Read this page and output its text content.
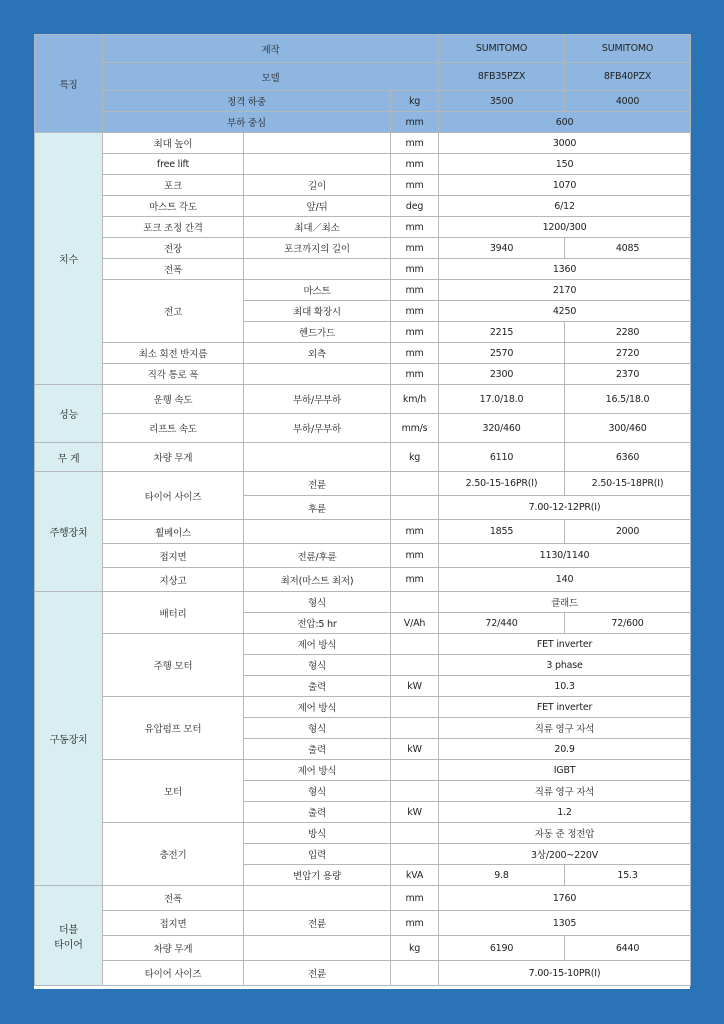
특징	제작			SUMITOMO	SUMITOMO
	모델			8FB35PZX	8FB40PZX
	정격 하중		kg	3500	4000
	부하 중심		mm	600	
치수	최대 높이		mm	3000	
	free lift		mm	150	
	포크	길이	mm	1070	
	마스트 각도	앞/뒤	deg	6/12	
	포크 조정 간격	최대／최소	mm	1200/300	
	전장	포크까지의 길이	mm	3940	4085
	전폭		mm	1360	
	전고	마스트	mm	2170	
		최대 확장시	mm	4250	
		헨드가드	mm	2215	2280
	최소 회전 반지름	외측	mm	2570	2720
	직각 통로 폭		mm	2300	2370
성능	운행 속도	부하/무부하	km/h	17.0/18.0	16.5/18.0
	리프트 속도	부하/무부하	mm/s	320/460	300/460
무 게	차량 무게		kg	6110	6360
주행장치	타이어 사이즈	전륜		2.50-15-16PR(I)	2.50-15-18PR(I)
		후륜		7.00-12-12PR(I)	
	휠베이스		mm	1855	2000
	접지면	전륜/후륜	mm	1130/1140	
	지상고	최저(마스트 최저)	mm	140	
구동장치	배터리	형식		클래드	
		전압:5 hr	V/Ah	72/440	72/600
	주행 모터	제어 방식		FET inverter	
		형식		3 phase	
		출력	kW	10.3	
	유압펌프 모터	제어 방식		FET inverter	
		형식		직류 영구 자석	
		출력	kW	20.9	
	모터	제어 방식		IGBT	
		형식		직류 영구 자석	
		출력	kW	1.2	
	충전기	방식		자동 준 정전압	
		입력		3상/200~220V	
		변압기 용량	kVA	9.8	15.3
더블
타이어	전폭		mm	1760	
	접지면	전륜	mm	1305	
	차량 무게		kg	6190	6440
	타이어 사이즈	전륜		7.00-15-10PR(I)	
